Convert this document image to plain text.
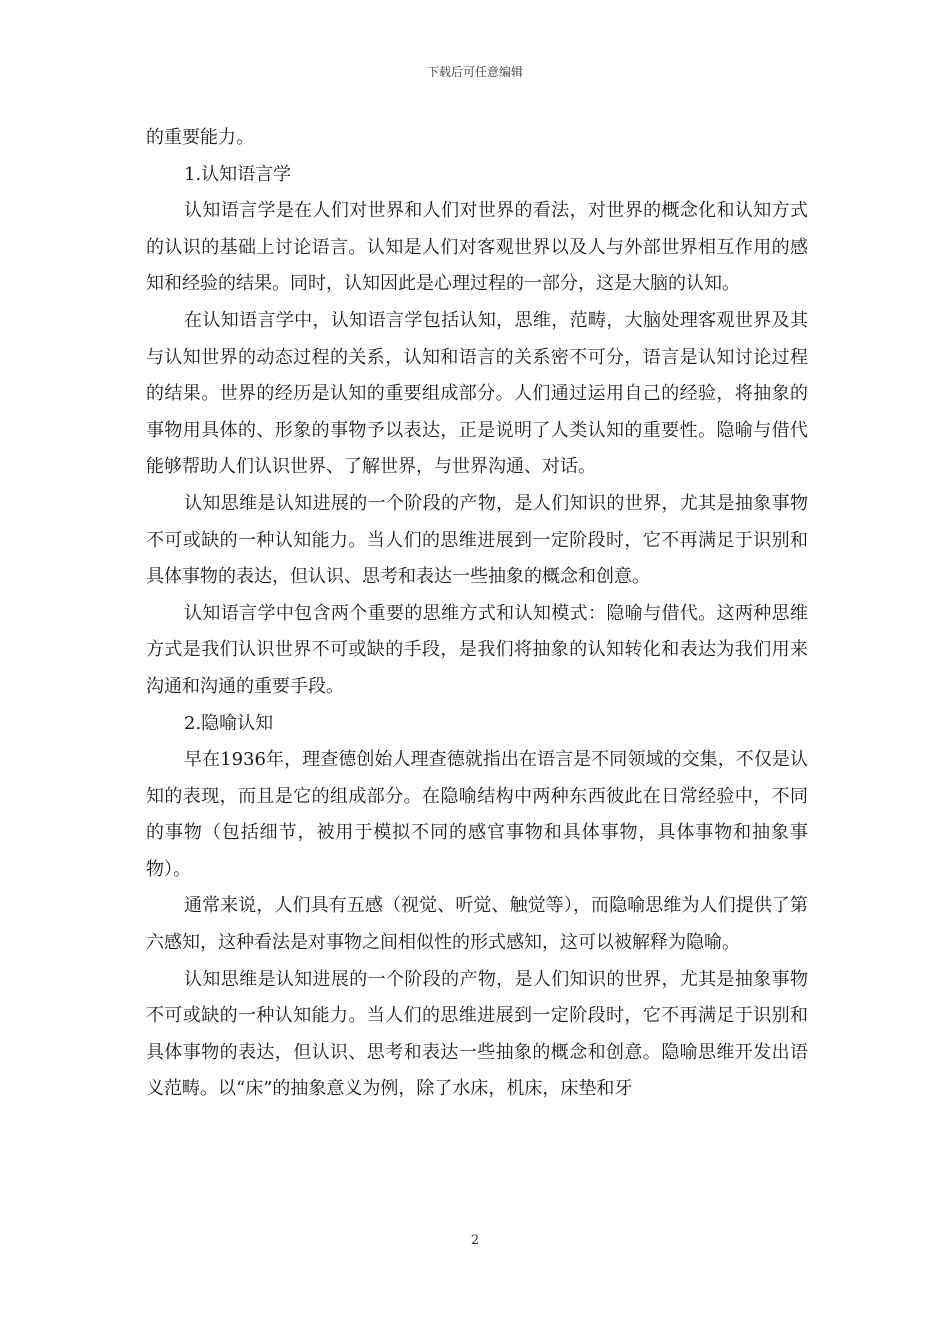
下载后可任意编辑

的重要能力。

1.认知语言学

认知语言学是在人们对世界和人们对世界的看法，对世界的概念化和认知方式的认识的基础上讨论语言。认知是人们对客观世界以及人与外部世界相互作用的感知和经验的结果。同时，认知因此是心理过程的一部分，这是大脑的认知。

在认知语言学中，认知语言学包括认知，思维，范畴，大脑处理客观世界及其与认知世界的动态过程的关系，认知和语言的关系密不可分，语言是认知讨论过程的结果。世界的经历是认知的重要组成部分。人们通过运用自己的经验，将抽象的事物用具体的、形象的事物予以表达，正是说明了人类认知的重要性。隐喻与借代能够帮助人们认识世界、了解世界，与世界沟通、对话。

认知思维是认知进展的一个阶段的产物，是人们知识的世界，尤其是抽象事物不可或缺的一种认知能力。当人们的思维进展到一定阶段时，它不再满足于识别和具体事物的表达，但认识、思考和表达一些抽象的概念和创意。

认知语言学中包含两个重要的思维方式和认知模式：隐喻与借代。这两种思维方式是我们认识世界不可或缺的手段，是我们将抽象的认知转化和表达为我们用来沟通和沟通的重要手段。

2.隐喻认知

早在1936年，理查德创始人理查德就指出在语言是不同领域的交集，不仅是认知的表现，而且是它的组成部分。在隐喻结构中两种东西彼此在日常经验中，不同的事物（包括细节，被用于模拟不同的感官事物和具体事物，具体事物和抽象事物）。

通常来说，人们具有五感（视觉、听觉、触觉等），而隐喻思维为人们提供了第六感知，这种看法是对事物之间相似性的形式感知，这可以被解释为隐喻。

认知思维是认知进展的一个阶段的产物，是人们知识的世界，尤其是抽象事物不可或缺的一种认知能力。当人们的思维进展到一定阶段时，它不再满足于识别和具体事物的表达，但认识、思考和表达一些抽象的概念和创意。隐喻思维开发出语义范畴。以“床”的抽象意义为例，除了水床，机床，床垫和牙

2
